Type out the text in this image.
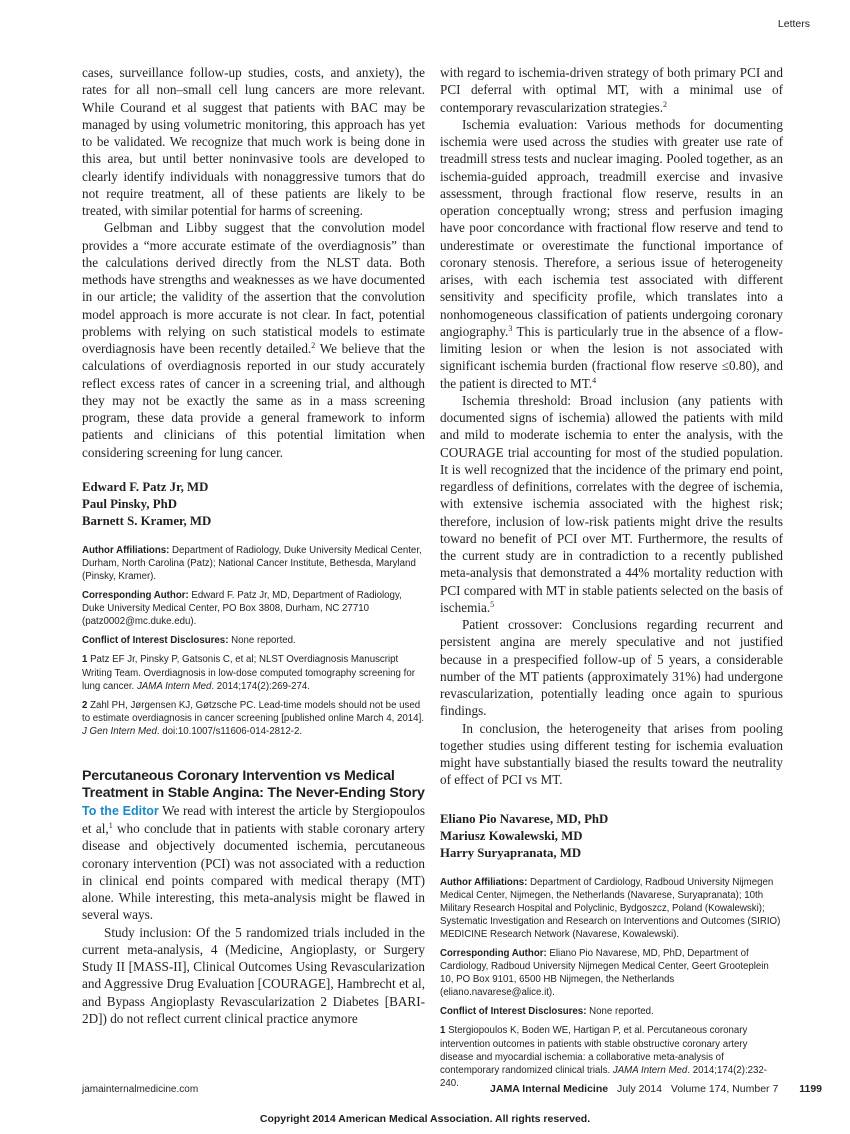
Letters

cases, surveillance follow-up studies, costs, and anxiety), the rates for all non–small cell lung cancers are more relevant. While Courand et al suggest that patients with BAC may be managed by using volumetric monitoring, this approach has yet to be validated. We recognize that much work is being done in this area, but until better noninvasive tools are developed to clearly identify individuals with nonaggressive tumors that do not require treatment, all of these patients are likely to be treated, with similar potential for harms of screening.

Gelbman and Libby suggest that the convolution model provides a “more accurate estimate of the overdiagnosis” than the calculations derived directly from the NLST data. Both methods have strengths and weaknesses as we have documented in our article; the validity of the assertion that the convolution model approach is more accurate is not clear. In fact, potential problems with relying on such statistical models to estimate overdiagnosis have been recently detailed.$^2$ We believe that the calculations of overdiagnosis reported in our study accurately reflect excess rates of cancer in a screening trial, and although they may not be exactly the same as in a mass screening program, these data provide a general framework to inform patients and clinicians of this potential limitation when considering screening for lung cancer.

Edward F. Patz Jr, MD
Paul Pinsky, PhD
Barnett S. Kramer, MD

Author Affiliations: Department of Radiology, Duke University Medical Center, Durham, North Carolina (Patz); National Cancer Institute, Bethesda, Maryland (Pinsky, Kramer).

Corresponding Author: Edward F. Patz Jr, MD, Department of Radiology, Duke University Medical Center, PO Box 3808, Durham, NC 27710 (patz0002@mc.duke.edu).

Conflict of Interest Disclosures: None reported.

1 Patz EF Jr, Pinsky P, Gatsonis C, et al; NLST Overdiagnosis Manuscript Writing Team. Overdiagnosis in low-dose computed tomography screening for lung cancer. JAMA Intern Med. 2014;174(2):269-274.

2 Zahl PH, Jørgensen KJ, Gøtzsche PC. Lead-time models should not be used to estimate overdiagnosis in cancer screening [published online March 4, 2014]. J Gen Intern Med. doi:10.1007/s11606-014-2812-2.

Percutaneous Coronary Intervention vs Medical Treatment in Stable Angina: The Never-Ending Story

To the Editor We read with interest the article by Stergiopoulos et al,$^1$ who conclude that in patients with stable coronary artery disease and objectively documented ischemia, percutaneous coronary intervention (PCI) was not associated with a reduction in clinical end points compared with medical therapy (MT) alone. While interesting, this meta-analysis might be flawed in several ways.

Study inclusion: Of the 5 randomized trials included in the current meta-analysis, 4 (Medicine, Angioplasty, or Surgery Study II [MASS-II], Clinical Outcomes Using Revascularization and Aggressive Drug Evaluation [COURAGE], Hambrecht et al, and Bypass Angioplasty Revascularization 2 Diabetes [BARI-2D]) do not reflect current clinical practice anymore

with regard to ischemia-driven strategy of both primary PCI and PCI deferral with optimal MT, with a minimal use of contemporary revascularization strategies.$^2$

Ischemia evaluation: Various methods for documenting ischemia were used across the studies with greater use rate of treadmill stress tests and nuclear imaging. Pooled together, as an ischemia-guided approach, treadmill exercise and invasive assessment, through fractional flow reserve, results in an operation conceptually wrong; stress and perfusion imaging have poor concordance with fractional flow reserve and tend to underestimate or overestimate the functional importance of coronary stenosis. Therefore, a serious issue of heterogeneity arises, with each ischemia test associated with different sensitivity and specificity profile, which translates into a nonhomogeneous classification of patients undergoing coronary angiography.$^3$ This is particularly true in the absence of a flow-limiting lesion or when the lesion is not associated with significant ischemia burden (fractional flow reserve ≤0.80), and the patient is directed to MT.$^4$

Ischemia threshold: Broad inclusion (any patients with documented signs of ischemia) allowed the patients with mild and mild to moderate ischemia to enter the analysis, with the COURAGE trial accounting for most of the studied population. It is well recognized that the incidence of the primary end point, regardless of definitions, correlates with the degree of ischemia, with extensive ischemia associated with the highest risk; therefore, inclusion of low-risk patients might drive the results toward no benefit of PCI over MT. Furthermore, the results of the current study are in contradiction to a recently published meta-analysis that demonstrated a 44% mortality reduction with PCI compared with MT in stable patients selected on the basis of ischemia.$^5$

Patient crossover: Conclusions regarding recurrent and persistent angina are merely speculative and not justified because in a prespecified follow-up of 5 years, a considerable number of the MT patients (approximately 31%) had undergone revascularization, potentially leading once again to spurious findings.

In conclusion, the heterogeneity that arises from pooling together studies using different testing for ischemia evaluation might have substantially biased the results toward the neutrality of effect of PCI vs MT.

Eliano Pio Navarese, MD, PhD
Mariusz Kowalewski, MD
Harry Suryapranata, MD

Author Affiliations: Department of Cardiology, Radboud University Nijmegen Medical Center, Nijmegen, the Netherlands (Navarese, Suryapranata); 10th Military Research Hospital and Polyclinic, Bydgoszcz, Poland (Kowalewski); Systematic Investigation and Research on Interventions and Outcomes (SIRIO) MEDICINE Research Network (Navarese, Kowalewski).

Corresponding Author: Eliano Pio Navarese, MD, PhD, Department of Cardiology, Radboud University Nijmegen Medical Center, Geert Grooteplein 10, PO Box 9101, 6500 HB Nijmegen, the Netherlands (eliano.navarese@alice.it).

Conflict of Interest Disclosures: None reported.

1 Stergiopoulos K, Boden WE, Hartigan P, et al. Percutaneous coronary intervention outcomes in patients with stable obstructive coronary artery disease and myocardial ischemia: a collaborative meta-analysis of contemporary randomized clinical trials. JAMA Intern Med. 2014;174(2):232-240.

jamainternalmedicine.com	JAMA Internal Medicine July 2014 Volume 174, Number 7 1199
Copyright 2014 American Medical Association. All rights reserved.
